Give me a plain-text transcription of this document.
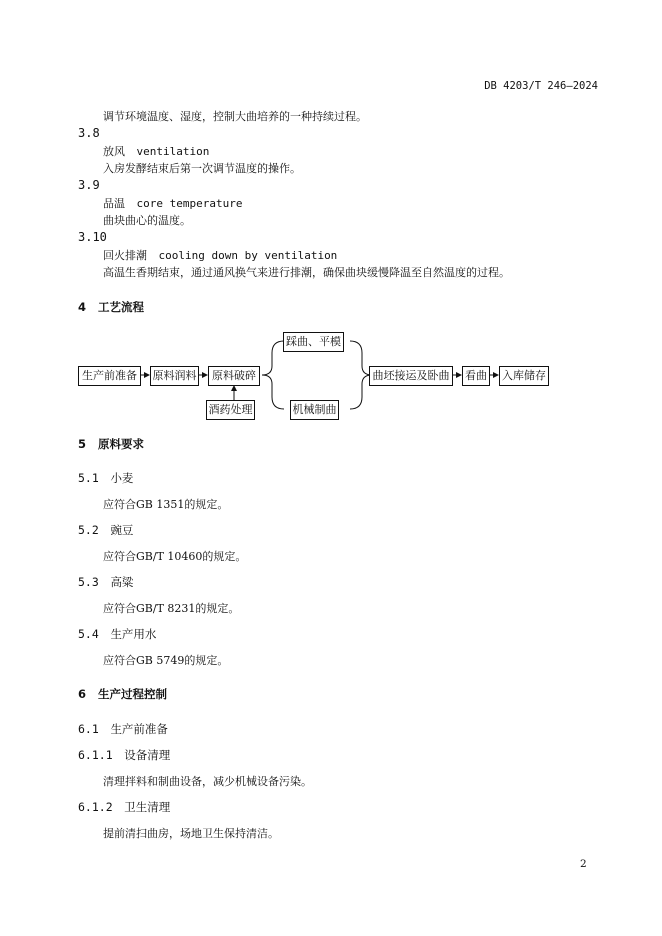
DB 4203/T 246—2024
调节环境温度、湿度，控制大曲培养的一种持续过程。
3.8
放风 ventilation
入房发酵结束后第一次调节温度的操作。
3.9
品温 core temperature
曲块曲心的温度。
3.10
回火排潮 cooling down by ventilation
高温生香期结束，通过通风换气来进行排潮，确保曲块缓慢降温至自然温度的过程。
4 工艺流程
生产前准备	原料润料	原料破碎
酒药处理
踩曲、平模
机械制曲
曲坯接运及卧曲	看曲 入库储存
5 原料要求
5.1 小麦
应符合GB 1351的规定。
5.2 豌豆
应符合GB/T 10460的规定。
5.3 高粱
应符合GB/T 8231的规定。
5.4 生产用水
应符合GB 5749的规定。
6 生产过程控制
6.1 生产前准备
6.1.1 设备清理
清理拌料和制曲设备，减少机械设备污染。
6.1.2 卫生清理
提前清扫曲房，场地卫生保持清洁。
2
